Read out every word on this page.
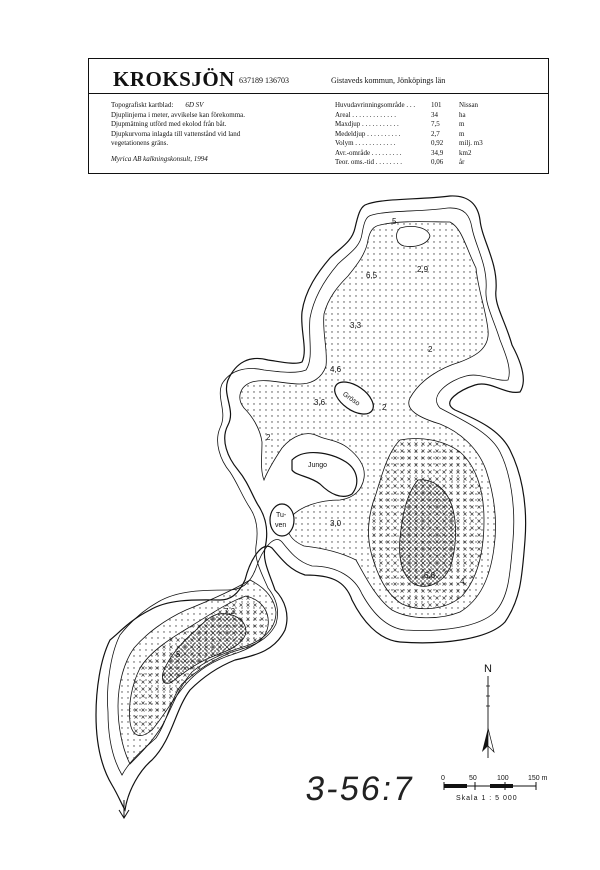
KROKSJÖN 637189 136703	Gistaveds kommun, Jönköpings län
Topografiskt kartblad: 6D SV
Djuplinjerna i meter, avvikelse kan förekomma.
Djupmätning utförd med ekolod från båt.
Djupkurvorna inlagda till vattenstånd vid land
vegetationens gräns.
Myrica AB kalkningskonsult, 1994
Huvudavrinningsområde . . .	101	Nissan
Areal . . . . . . . . . . . . .	34	ha
Maxdjup . . . . . . . . . . .	7,5	m
Medeldjup . . . . . . . . . .	2,7	m
Volym . . . . . . . . . . . .	0,92	milj. m3
Avr.-område . . . . . . . . .	34,9	km2
Teor. oms.-tid . . . . . . . .	0,06	år
Gröso
Jungo
Tu-
ven
5
6,5
2,9
3,3
2
4,6
3,6
2
2
3,0
6,8
4
7,2
5
N
0	50	100	150 m
Skala 1 : 5 000
3-56:7
